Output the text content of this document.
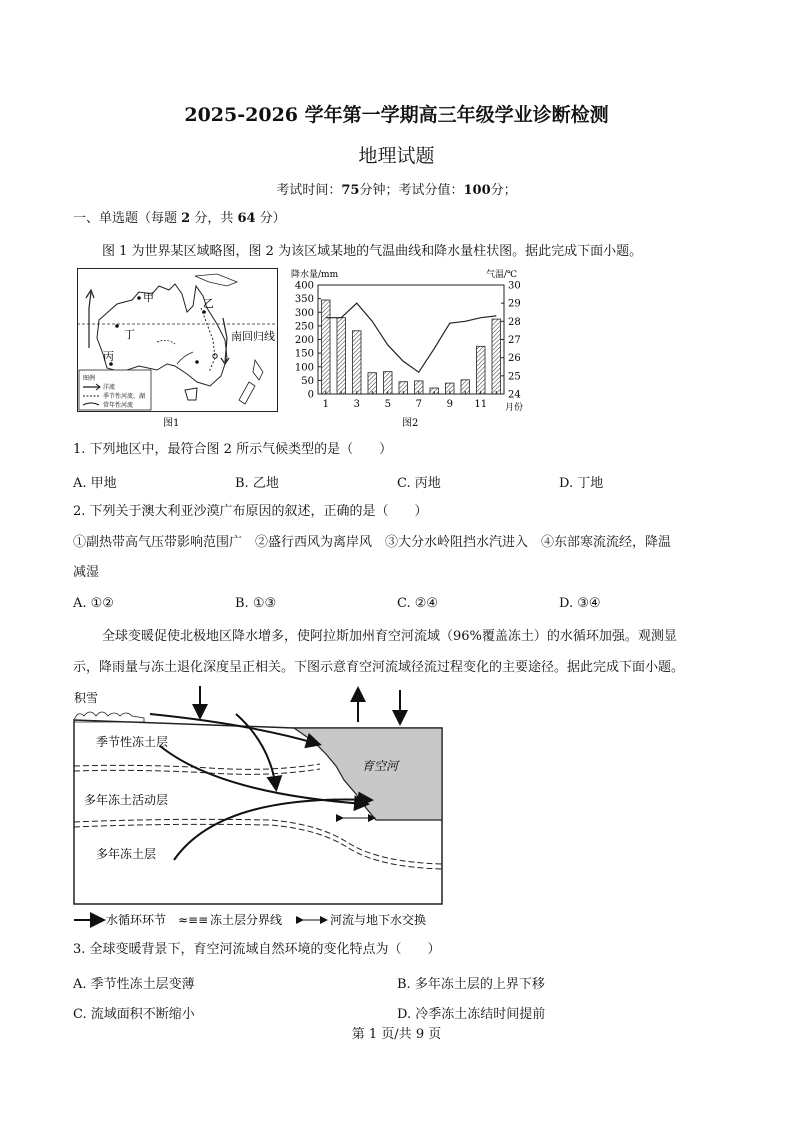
2025-2026 学年第一学期高三年级学业诊断检测
地理试题
考试时间：75分钟；考试分值：100分；
一、单选题（每题 2 分，共 64 分）
图 1 为世界某区域略图，图 2 为该区域某地的气温曲线和降水量柱状图。据此完成下面小题。
甲	乙
丁
丙
南回归线
图例
洋流
季节性河流、湖
常年性河流
图1
降水量/mm	气温/℃
0
50
100
150
200
250
300
350
400
24
25
26
27
28
29
30
1 3 5 7 9 11 月份
图2
1. 下列地区中，最符合图 2 所示气候类型的是（　　）
A. 甲地	B. 乙地	C. 丙地	D. 丁地
2. 下列关于澳大利亚沙漠广布原因的叙述，正确的是（　　）
①副热带高气压带影响范围广　②盛行西风为离岸风　③大分水岭阻挡水汽进入　④东部寒流流经，降温
减湿
A. ①②	B. ①③	C. ②④	D. ③④
全球变暖促使北极地区降水增多，使阿拉斯加州育空河流域（96%覆盖冻土）的水循环加强。观测显
示，降雨量与冻土退化深度呈正相关。下图示意育空河流域径流过程变化的主要途径。据此完成下面小题。
积雪
育空河
季节性冻土层
多年冻土活动层
多年冻土层
水循环环节 ≈≡≡ 冻土层分界线	河流与地下水交换
3. 全球变暖背景下，育空河流域自然环境的变化特点为（　　）
A. 季节性冻土层变薄	B. 多年冻土层的上界下移
C. 流域面积不断缩小	D. 冷季冻土冻结时间提前
第 1 页/共 9 页
